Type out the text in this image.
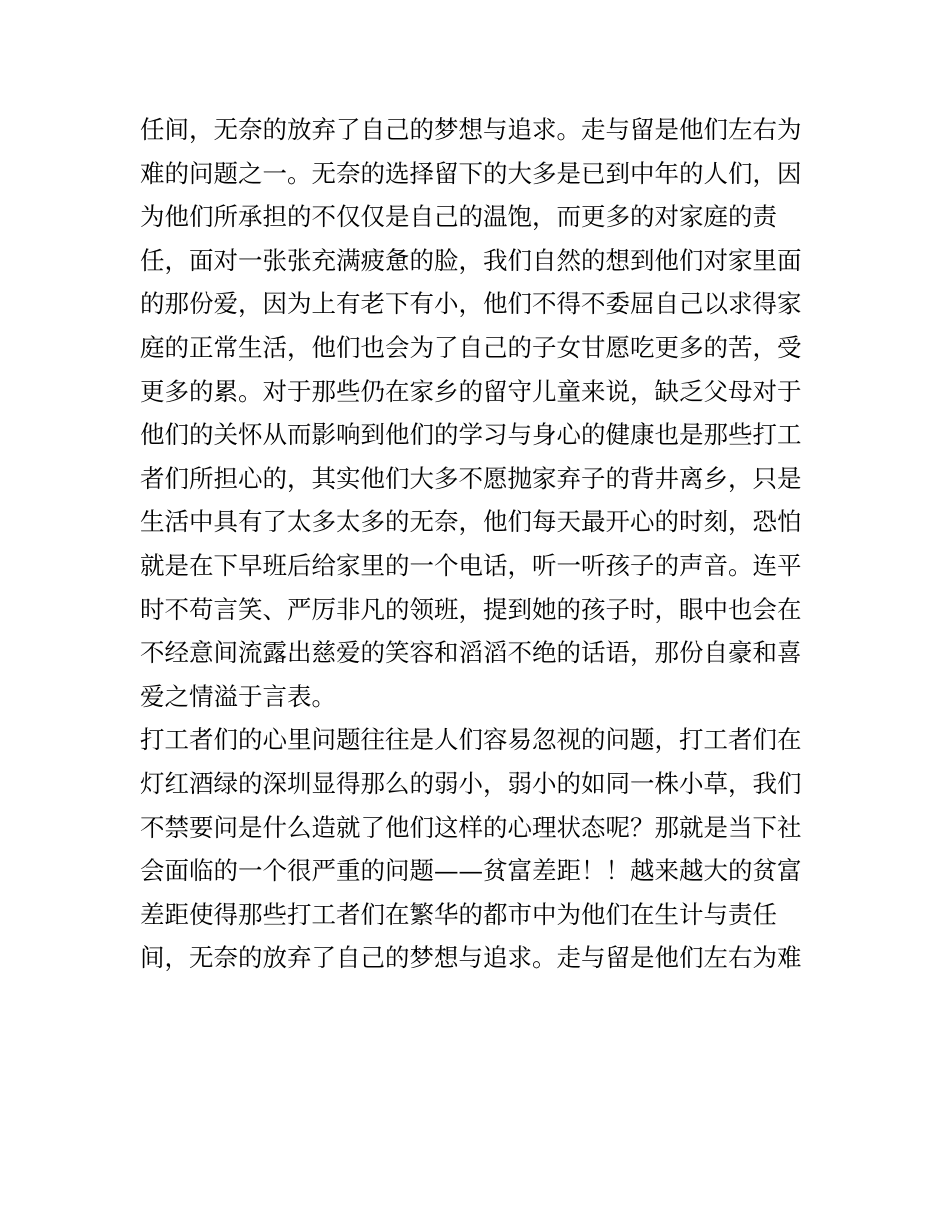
任间，无奈的放弃了自己的梦想与追求。走与留是他们左右为
难的问题之一。无奈的选择留下的大多是已到中年的人们，因
为他们所承担的不仅仅是自己的温饱，而更多的对家庭的责
任，面对一张张充满疲惫的脸，我们自然的想到他们对家里面
的那份爱，因为上有老下有小，他们不得不委屈自己以求得家
庭的正常生活，他们也会为了自己的子女甘愿吃更多的苦，受
更多的累。对于那些仍在家乡的留守儿童来说，缺乏父母对于
他们的关怀从而影响到他们的学习与身心的健康也是那些打工
者们所担心的，其实他们大多不愿抛家弃子的背井离乡，只是
生活中具有了太多太多的无奈，他们每天最开心的时刻，恐怕
就是在下早班后给家里的一个电话，听一听孩子的声音。连平
时不苟言笑、严厉非凡的领班，提到她的孩子时，眼中也会在
不经意间流露出慈爱的笑容和滔滔不绝的话语，那份自豪和喜
爱之情溢于言表。
打工者们的心里问题往往是人们容易忽视的问题，打工者们在
灯红酒绿的深圳显得那么的弱小，弱小的如同一株小草，我们
不禁要问是什么造就了他们这样的心理状态呢？那就是当下社
会面临的一个很严重的问题——贫富差距！！越来越大的贫富
差距使得那些打工者们在繁华的都市中为他们在生计与责任
间，无奈的放弃了自己的梦想与追求。走与留是他们左右为难
